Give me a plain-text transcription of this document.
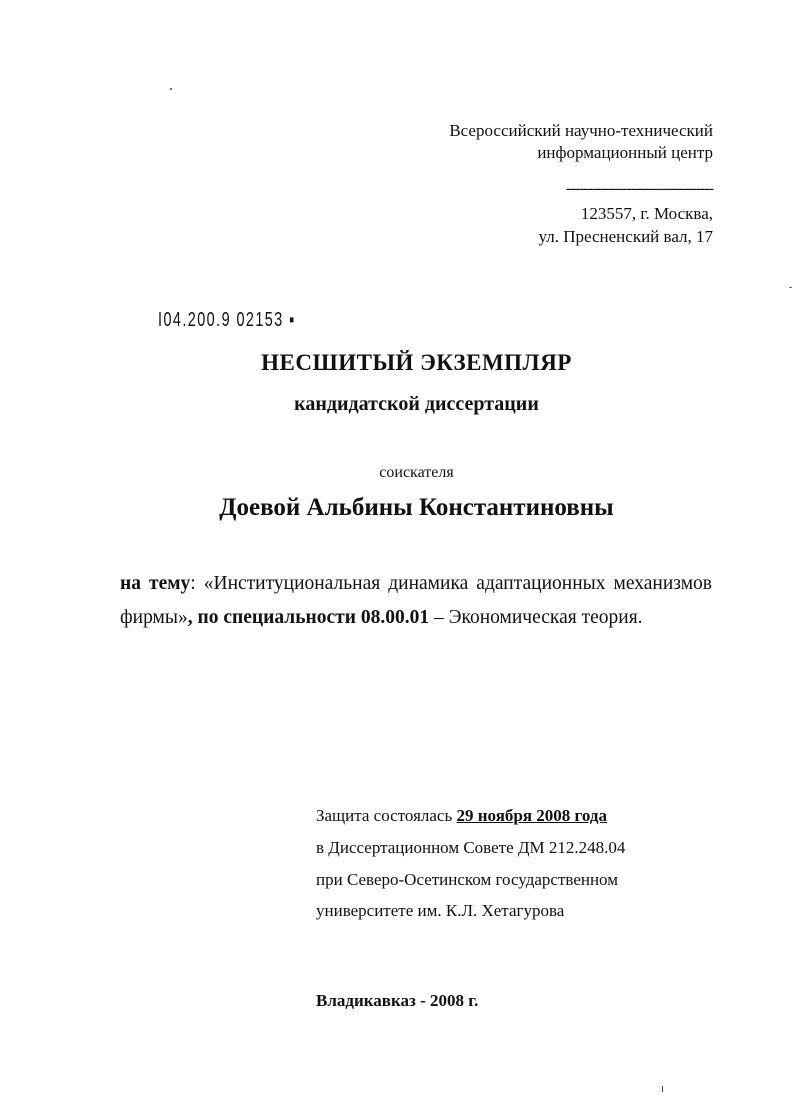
Всероссийский научно-технический
информационный центр
----------------------------------
123557, г. Москва,
ул. Пресненский вал, 17
I04.200.9 02153 ▪
НЕСШИТЫЙ ЭКЗЕМПЛЯР
кандидатской диссертации
соискателя
Доевой Альбины Константиновны
на тему: «Институциональная динамика адаптационных механизмов фирмы», по специальности 08.00.01 – Экономическая теория.
Защита состоялась 29 ноября 2008 года
в Диссертационном Совете ДМ 212.248.04
при Северо-Осетинском государственном
университете им. К.Л. Хетагурова
Владикавказ - 2008 г.
